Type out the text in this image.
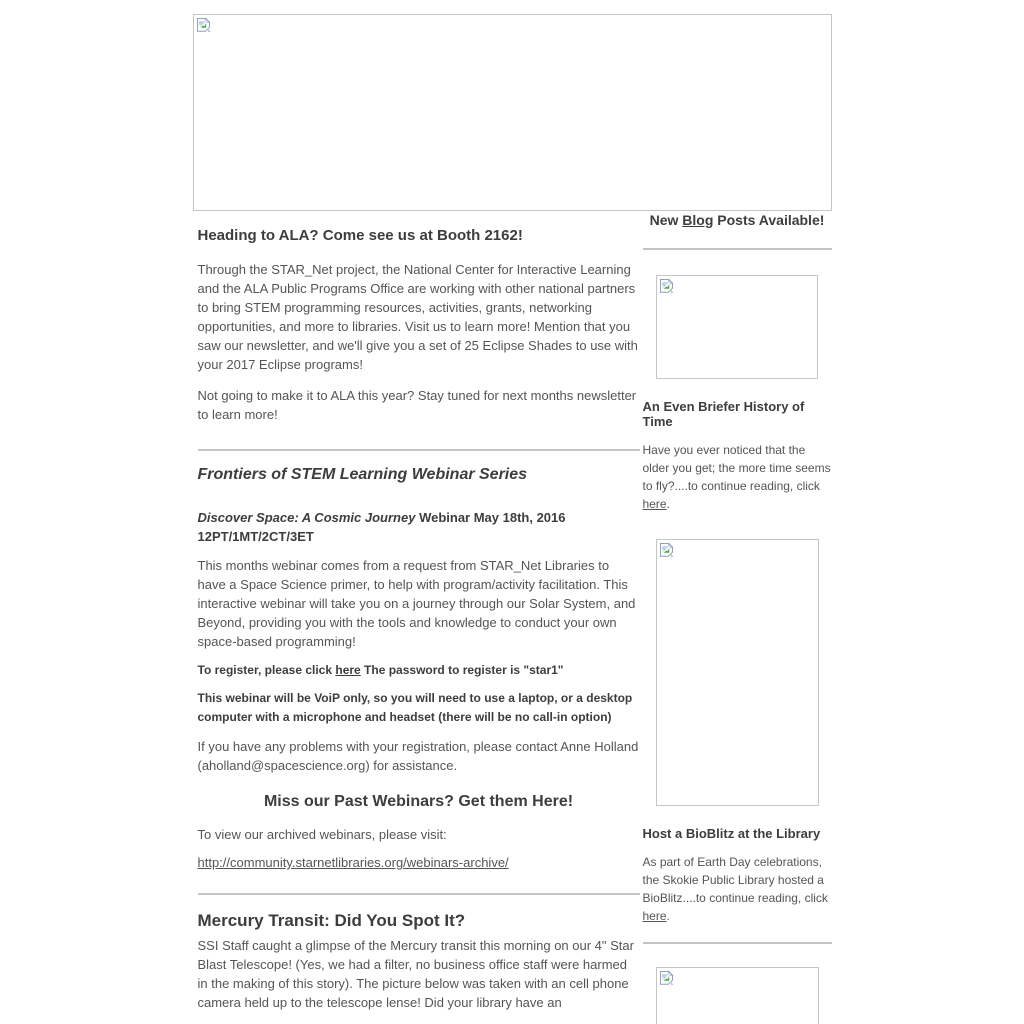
Heading to ALA? Come see us at Booth 2162!

Through the STAR_Net project, the National Center for Interactive Learning and the ALA Public Programs Office are working with other national partners to bring STEM programming resources, activities, grants, networking opportunities, and more to libraries. Visit us to learn more! Mention that you saw our newsletter, and we'll give you a set of 25 Eclipse Shades to use with your 2017 Eclipse programs!

Not going to make it to ALA this year? Stay tuned for next months newsletter to learn more!

Frontiers of STEM Learning Webinar Series

Discover Space: A Cosmic Journey Webinar May 18th, 2016 12PT/1MT/2CT/3ET

This months webinar comes from a request from STAR_Net Libraries to have a Space Science primer, to help with program/activity facilitation. This interactive webinar will take you on a journey through our Solar System, and Beyond, providing you with the tools and knowledge to conduct your own space-based programming!

To register, please click here The password to register is "star1"

This webinar will be VoiP only, so you will need to use a laptop, or a desktop computer with a microphone and headset (there will be no call-in option)

If you have any problems with your registration, please contact Anne Holland (aholland@spacescience.org) for assistance.

Miss our Past Webinars? Get them Here!

To view our archived webinars, please visit:

http://community.starnetlibraries.org/webinars-archive/

Mercury Transit: Did You Spot It?

SSI Staff caught a glimpse of the Mercury transit this morning on our 4" Star Blast Telescope! (Yes, we had a filter, no business office staff were harmed in the making of this story). The picture below was taken with an cell phone camera held up to the telescope lense! Did your library have an

New Blog Posts Available!
An Even Briefer History of Time

Have you ever noticed that the older you get; the more time seems to fly?....to continue reading, click here.

Host a BioBlitz at the Library

As part of Earth Day celebrations, the Skokie Public Library hosted a BioBlitz....to continue reading, click here.
